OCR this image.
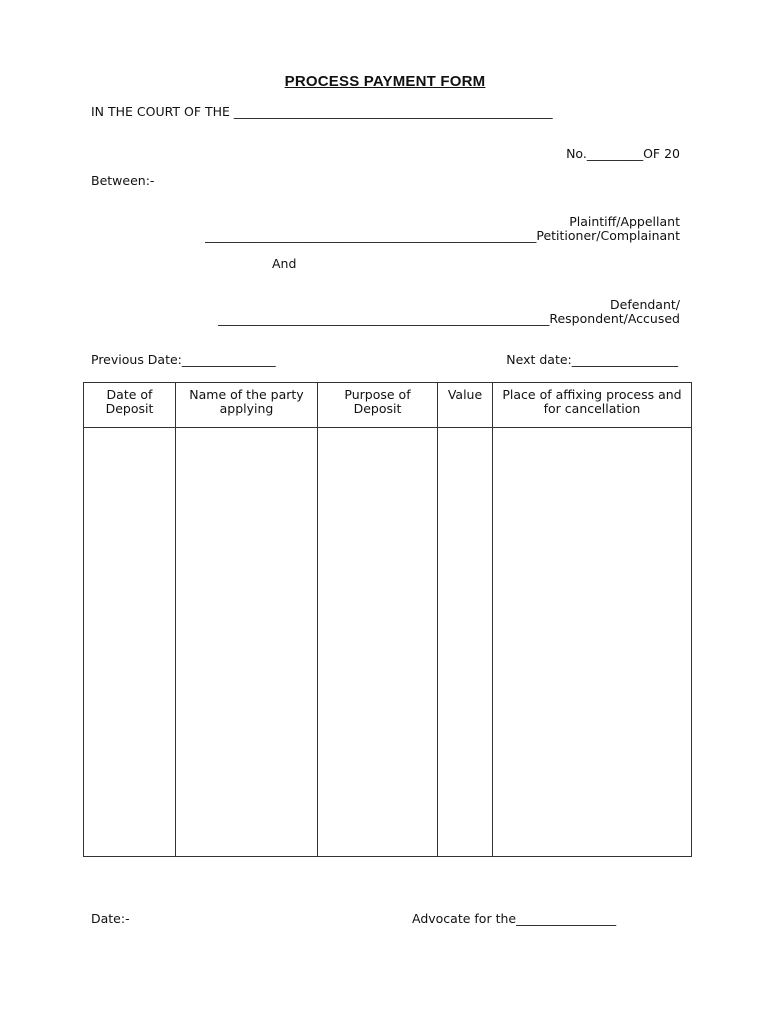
PROCESS PAYMENT FORM
IN THE COURT OF THE ___________________________________________________
No._________OF 20
Between:-
Plaintiff/Appellant
_____________________________________________________Petitioner/Complainant
And
Defendant/
_____________________________________________________Respondent/Accused
Previous Date:_______________	Next date:_________________
Date of Deposit	Name of the party applying	Purpose of Deposit	Value	Place of affixing process and for cancellation

Date:-	Advocate for the________________
